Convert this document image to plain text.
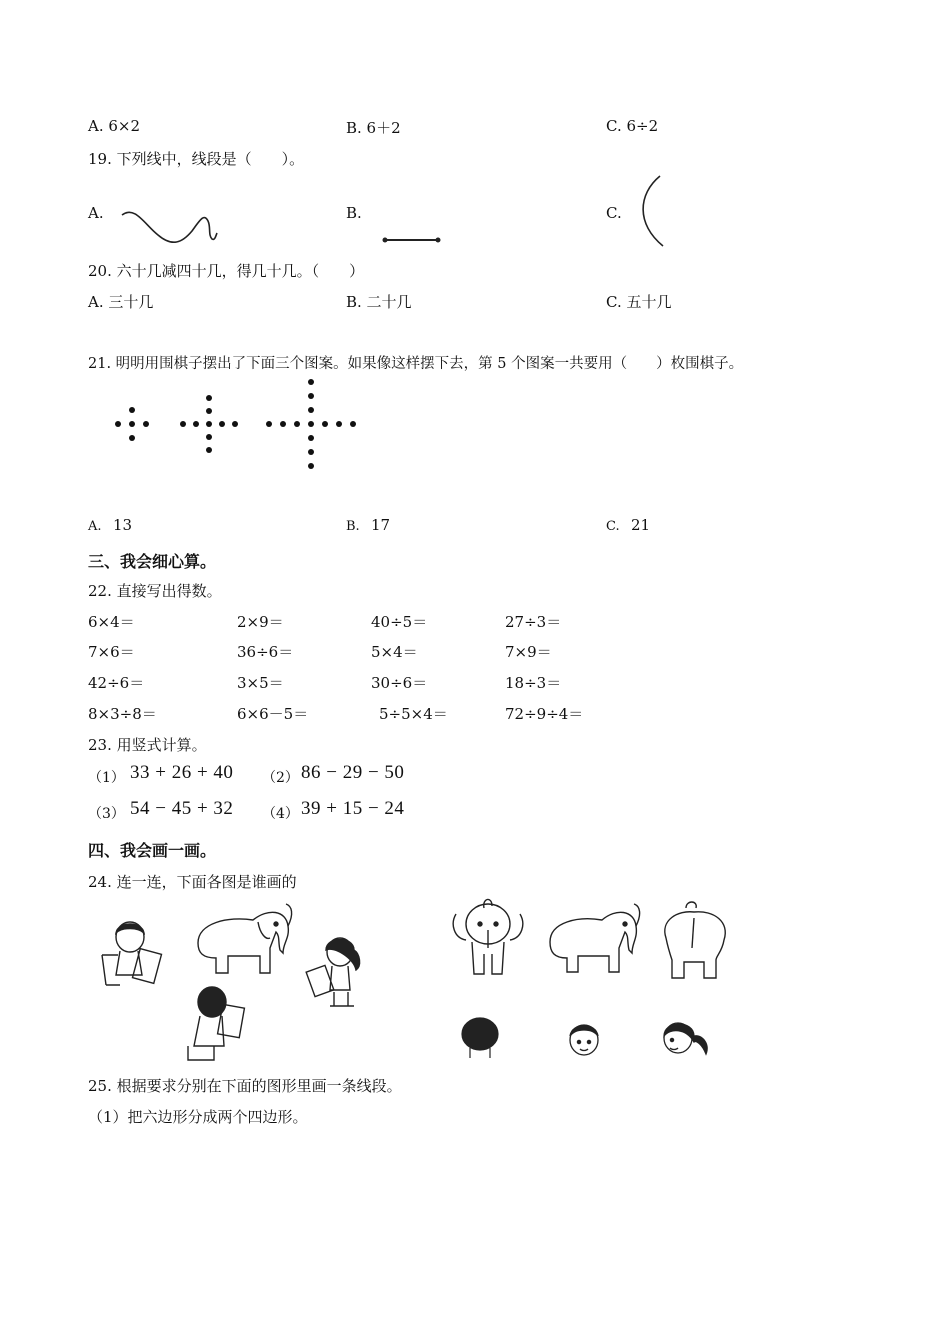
A. 6×2	B. 6＋2	C. 6÷2
19. 下列线中，线段是（　　）。
A.	B.	C.
20. 六十几减四十几，得几十几。（　　）
A. 三十几	B. 二十几	C. 五十几
21. 明明用围棋子摆出了下面三个图案。如果像这样摆下去，第 5 个图案一共要用（　　）枚围棋子。
A. 13	B. 17	C. 21
三、我会细心算。
22. 直接写出得数。
6×4＝	2×9＝	40÷5＝	27÷3＝
7×6＝	36÷6＝	5×4＝	7×9＝
42÷6＝	3×5＝	30÷6＝	18÷3＝
8×3÷8＝	6×6－5＝	5÷5×4＝	72÷9÷4＝
23. 用竖式计算。
（1） 33 + 26 + 40 （2） 86 − 29 − 50
（3） 54 − 45 + 32 （4） 39 + 15 − 24
四、我会画一画。
24. 连一连，下面各图是谁画的
25. 根据要求分别在下面的图形里画一条线段。
（1）把六边形分成两个四边形。
